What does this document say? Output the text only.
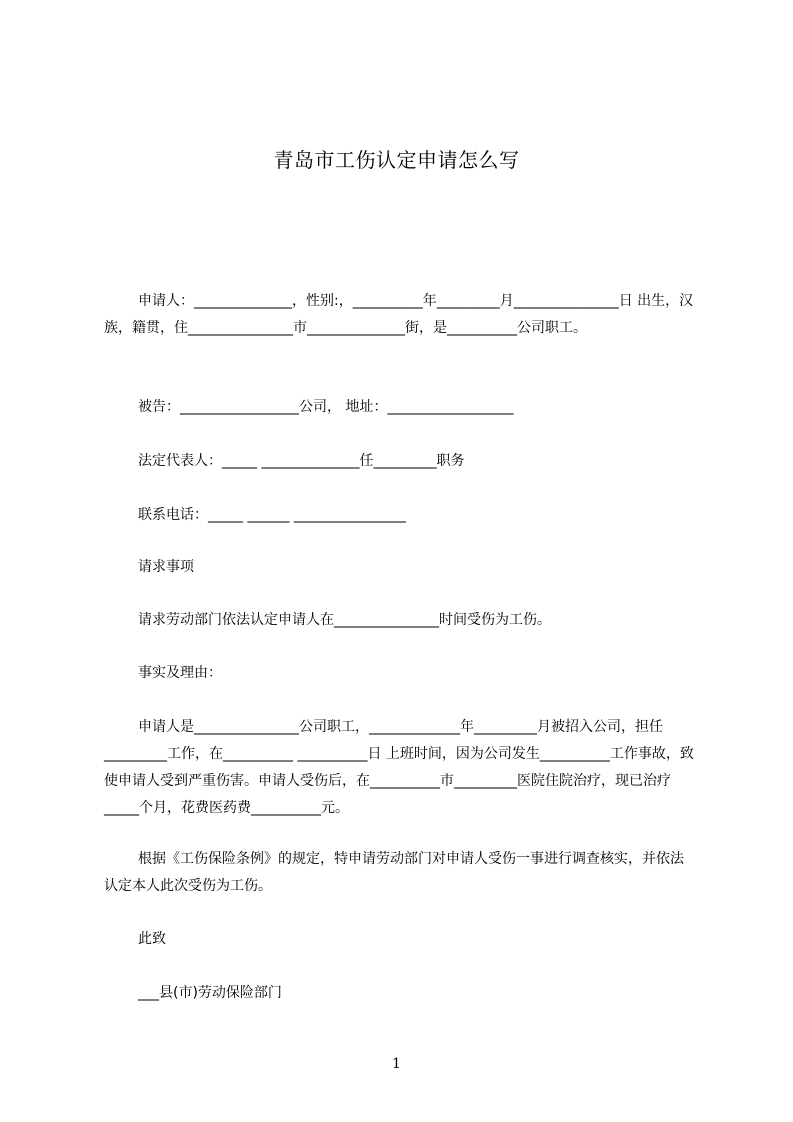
青岛市工伤认定申请怎么写
申请人：______________，性别:，__________年_________月_______________日 出生，汉族，籍贯，住_______________市______________街，是__________公司职工。
被告：_________________公司， 地址：__________________
法定代表人：_____ ______________任_________职务
联系电话：_____ ______ ________________
请求事项
请求劳动部门依法认定申请人在_______________时间受伤为工伤。
事实及理由：
申请人是_______________公司职工，_____________年_________月被招入公司，担任_________工作，在__________ __________日 上班时间，因为公司发生__________工作事故，致使申请人受到严重伤害。申请人受伤后，在__________市_________医院住院治疗，现已治疗_____个月，花费医药费__________元。
根据《工伤保险条例》的规定，特申请劳动部门对申请人受伤一事进行调查核实，并依法认定本人此次受伤为工伤。
此致
___县(市)劳动保险部门
1
